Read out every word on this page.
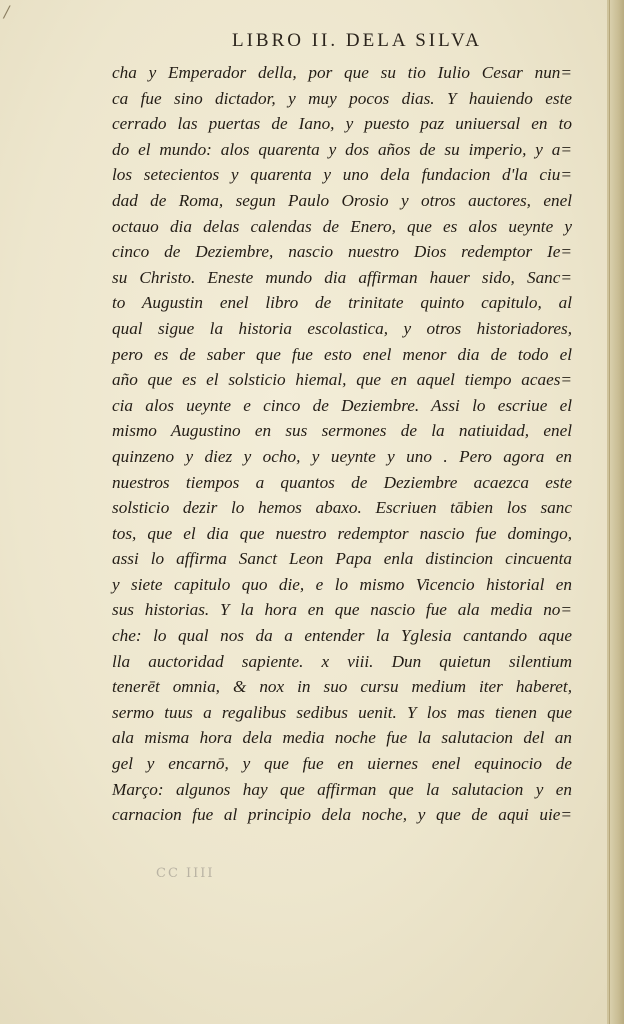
/
LIBRO II. DELA SILVA
cha y Emperador della, por que su tio Iulio Cesar nun=
ca fue sino dictador, y muy pocos dias. Y hauiendo este
cerrado las puertas de Iano, y puesto paz uniuersal en to
do el mundo: alos quarenta y dos años de su imperio, y a=
los setecientos y quarenta y uno dela fundacion d'la ciu=
dad de Roma, segun Paulo Orosio y otros auctores, enel
octauo dia delas calendas de Enero, que es alos ueynte y
cinco de Deziembre, nascio nuestro Dios redemptor Ie=
su Christo. Eneste mundo dia affirman hauer sido, Sanc=
to Augustin enel libro de trinitate quinto capitulo, al
qual sigue la historia escolastica, y otros historiadores,
pero es de saber que fue esto enel menor dia de todo el
año que es el solsticio hiemal, que en aquel tiempo acaes=
cia alos ueynte e cinco de Deziembre. Assi lo escriue el
mismo Augustino en sus sermones de la natiuidad, enel
quinzeno y diez y ocho, y ueynte y uno . Pero agora en
nuestros tiempos a quantos de Deziembre acaezca este
solsticio dezir lo hemos abaxo. Escriuen tābien los sanc
tos, que el dia que nuestro redemptor nascio fue domingo,
assi lo affirma Sanct Leon Papa enla distincion cincuenta
y siete capitulo quo die, e lo mismo Vicencio historial en
sus historias. Y la hora en que nascio fue ala media no=
che: lo qual nos da a entender la Yglesia cantando aque
lla auctoridad sapiente. x viii. Dun quietun silentium
tenerēt omnia, & nox in suo cursu medium iter haberet,
sermo tuus a regalibus sedibus uenit. Y los mas tienen que
ala misma hora dela media noche fue la salutacion del an
gel y encarnō, y que fue en uiernes enel equinocio de
Março: algunos hay que affirman que la salutacion y en
carnacion fue al principio dela noche, y que de aqui uie=
CC IIII
